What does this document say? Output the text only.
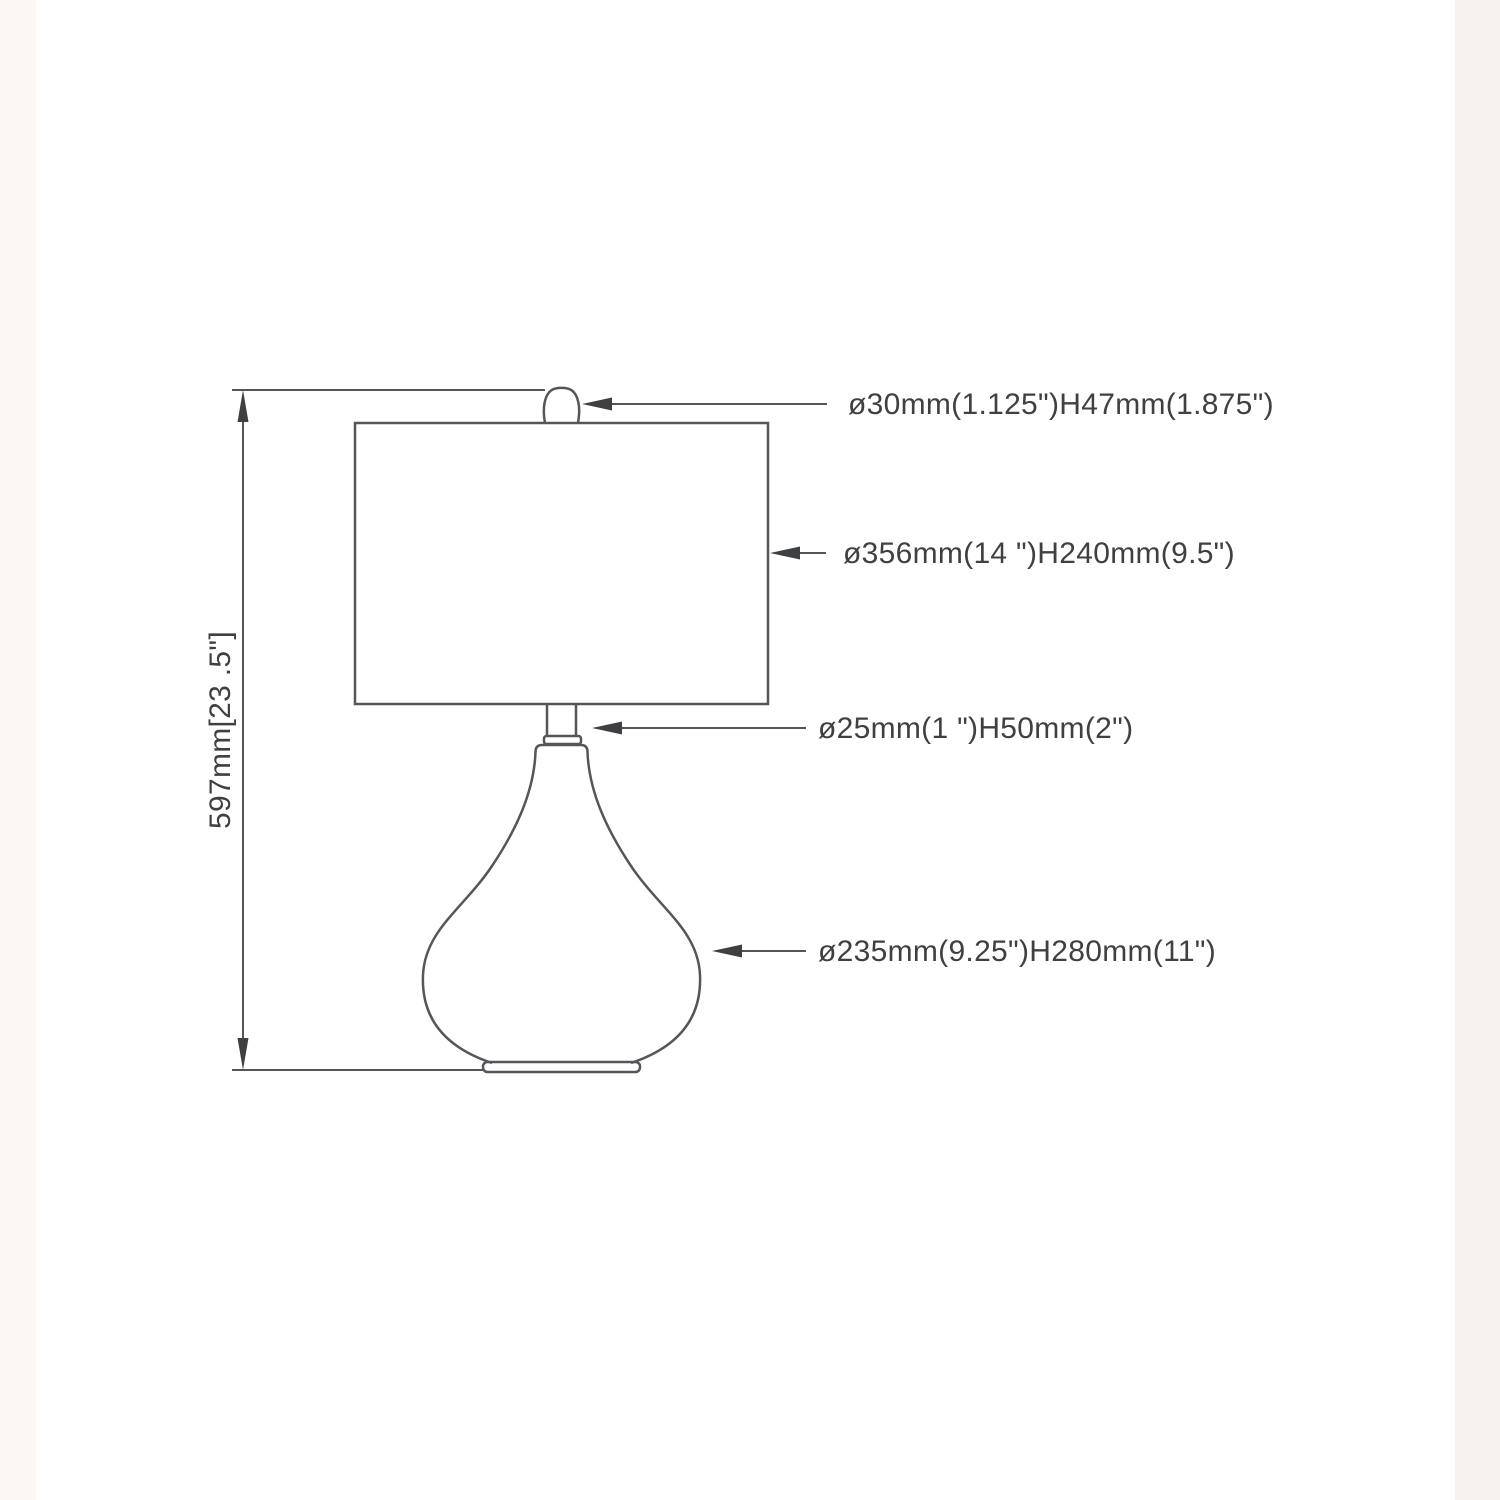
597mm[23 .5"]
ø30mm(1.125")H47mm(1.875")
ø356mm(14 ")H240mm(9.5")
ø25mm(1 ")H50mm(2")
ø235mm(9.25")H280mm(11")
